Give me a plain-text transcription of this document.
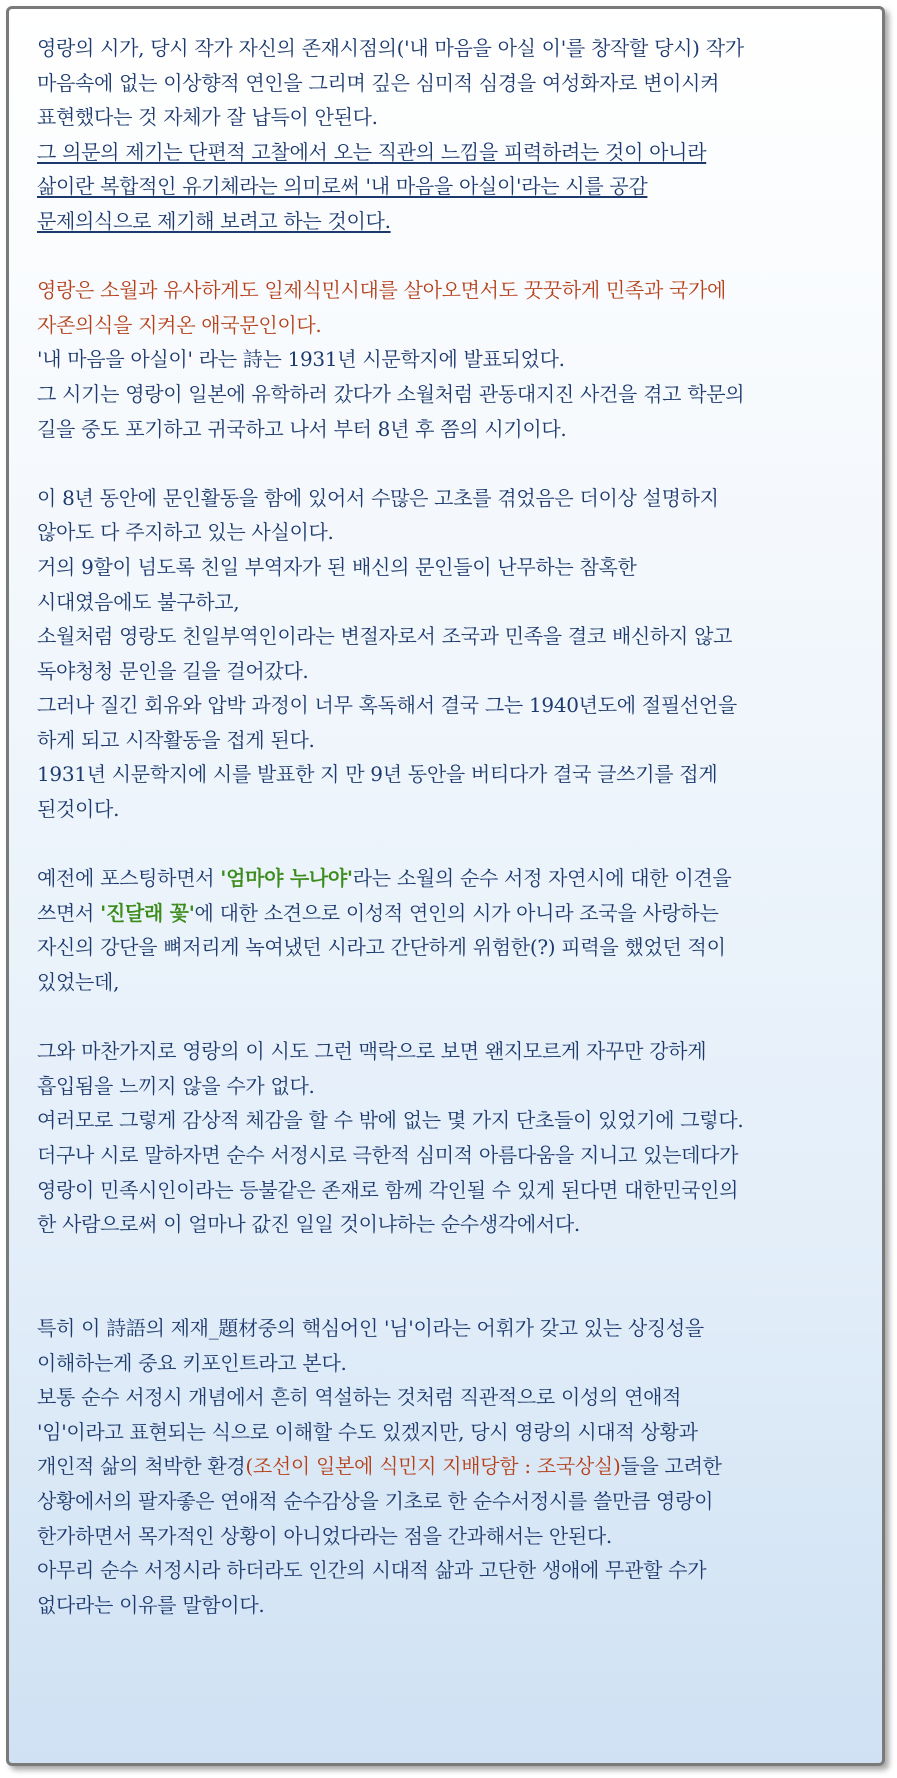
영랑의 시가, 당시 작가 자신의 존재시점의('내 마음을 아실 이'를 창작할 당시) 작가
마음속에 없는 이상향적 연인을 그리며 깊은 심미적 심경을 여성화자로 변이시켜
표현했다는 것 자체가 잘 납득이 안된다.
그 의문의 제기는 단편적 고찰에서 오는 직관의 느낌을 피력하려는 것이 아니라
삶이란 복합적인 유기체라는 의미로써 '내 마음을 아실이'라는 시를 공감
문제의식으로 제기해 보려고 하는 것이다.
영랑은 소월과 유사하게도 일제식민시대를 살아오면서도 꿋꿋하게 민족과 국가에
자존의식을 지켜온 애국문인이다.
'내 마음을 아실이' 라는 詩는 1931년 시문학지에 발표되었다.
그 시기는 영랑이 일본에 유학하러 갔다가 소월처럼 관동대지진 사건을 겪고 학문의
길을 중도 포기하고 귀국하고 나서 부터 8년 후 쯤의 시기이다.
이 8년 동안에 문인활동을 함에 있어서 수많은 고초를 겪었음은 더이상 설명하지
않아도 다 주지하고 있는 사실이다.
거의 9할이 넘도록 친일 부역자가 된 배신의 문인들이 난무하는 참혹한
시대였음에도 불구하고,
소월처럼 영랑도 친일부역인이라는 변절자로서 조국과 민족을 결코 배신하지 않고
독야청청 문인을 길을 걸어갔다.
그러나 질긴 회유와 압박 과정이 너무 혹독해서 결국 그는 1940년도에 절필선언을
하게 되고 시작활동을 접게 된다.
1931년 시문학지에 시를 발표한 지 만 9년 동안을 버티다가 결국 글쓰기를 접게
된것이다.
예전에 포스팅하면서 '엄마야 누나야'라는 소월의 순수 서정 자연시에 대한 이견을
쓰면서 '진달래 꽃'에 대한 소견으로 이성적 연인의 시가 아니라 조국을 사랑하는
자신의 강단을 뼈저리게 녹여냈던 시라고 간단하게 위험한(?) 피력을 했었던 적이
있었는데,
그와 마찬가지로 영랑의 이 시도 그런 맥락으로 보면 왠지모르게 자꾸만 강하게
흡입됨을 느끼지 않을 수가 없다.
여러모로 그렇게 감상적 체감을 할 수 밖에 없는 몇 가지 단초들이 있었기에 그렇다.
더구나 시로 말하자면 순수 서정시로 극한적 심미적 아름다움을 지니고 있는데다가
영랑이 민족시인이라는 등불같은 존재로 함께 각인될 수 있게 된다면 대한민국인의
한 사람으로써 이 얼마나 값진 일일 것이냐하는 순수생각에서다.
특히 이 詩語의 제재_題材중의 핵심어인 '님'이라는 어휘가 갖고 있는 상징성을
이해하는게 중요 키포인트라고 본다.
보통 순수 서정시 개념에서 흔히 역설하는 것처럼 직관적으로 이성의 연애적
'임'이라고 표현되는 식으로 이해할 수도 있겠지만, 당시 영랑의 시대적 상황과
개인적 삶의 척박한 환경(조선이 일본에 식민지 지배당함 : 조국상실)들을 고려한
상황에서의 팔자좋은 연애적 순수감상을 기초로 한 순수서정시를 쓸만큼 영랑이
한가하면서 목가적인 상황이 아니었다라는 점을 간과해서는 안된다.
아무리 순수 서정시라 하더라도 인간의 시대적 삶과 고단한 생애에 무관할 수가
없다라는 이유를 말함이다.
